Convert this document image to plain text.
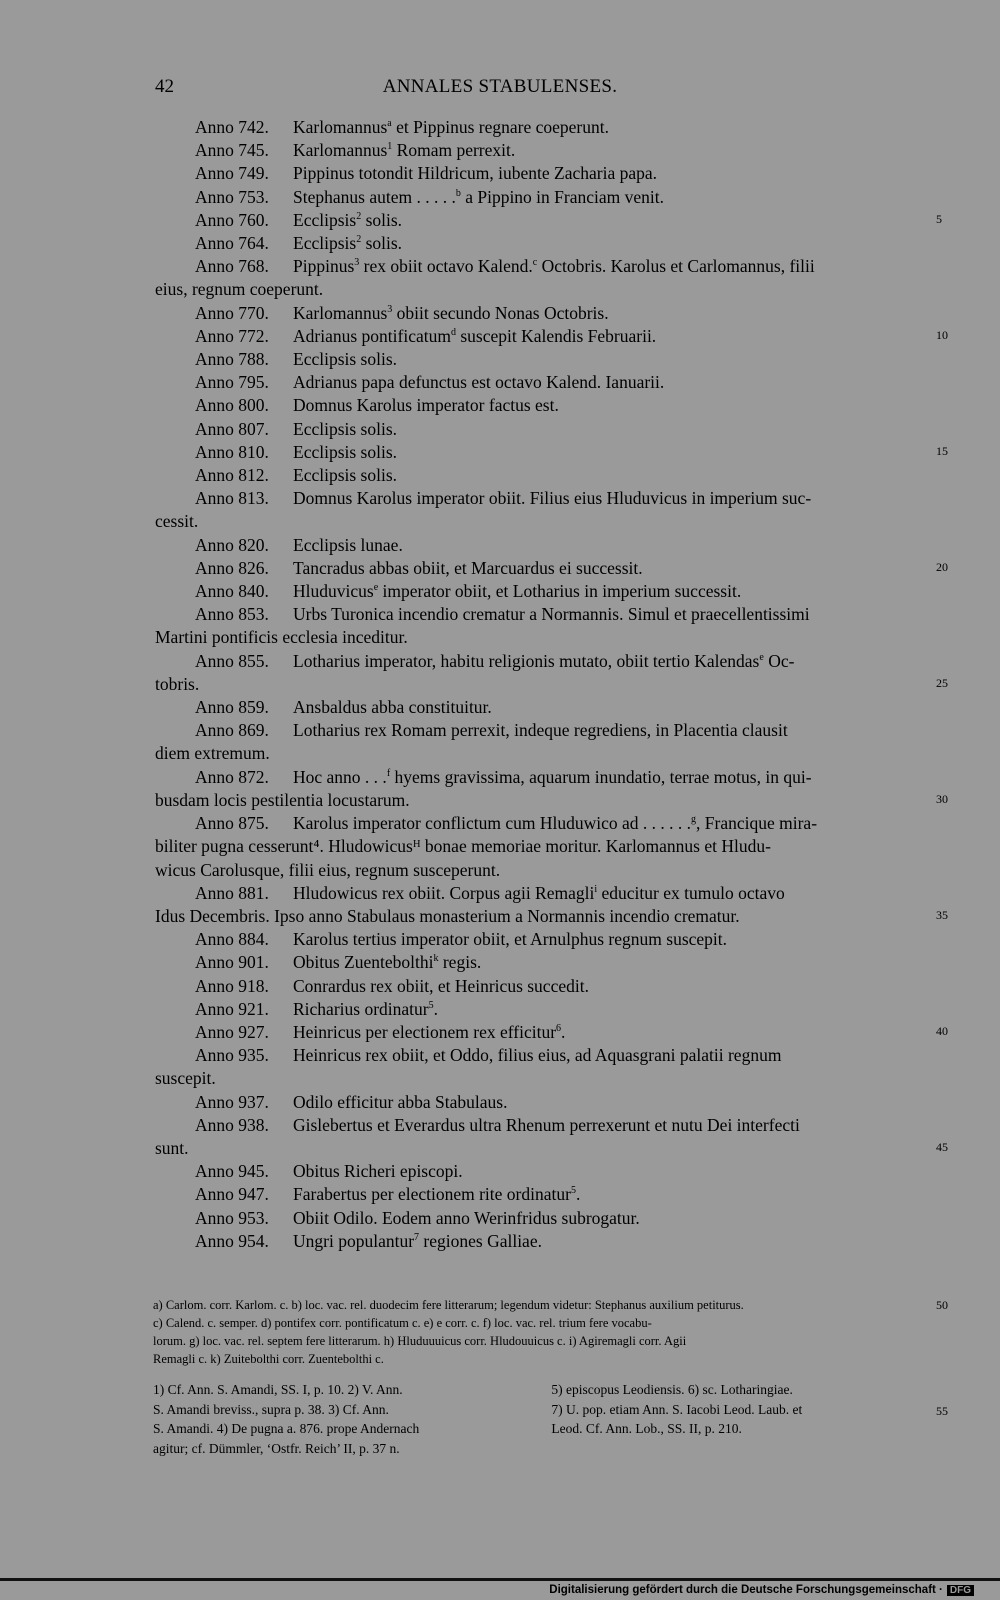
42	ANNALES STABULENSES.
Anno 742. Karlomannus$^a$ et Pippinus regnare coeperunt.
Anno 745. Karlomannus$^1$ Romam perrexit.
Anno 749. Pippinus totondit Hildricum, iubente Zacharia papa.
Anno 753. Stephanus autem . . . . .$^b$ a Pippino in Franciam venit.
Anno 760. Ecclipsis$^2$ solis.
Anno 764. Ecclipsis$^2$ solis.
Anno 768. Pippinus$^3$ rex obiit octavo Kalend.$^c$ Octobris. Karolus et Carlomannus, filii
eius, regnum coeperunt.
Anno 770. Karlomannus$^3$ obiit secundo Nonas Octobris.
Anno 772. Adrianus pontificatum$^d$ suscepit Kalendis Februarii.
Anno 788. Ecclipsis solis.
Anno 795. Adrianus papa defunctus est octavo Kalend. Ianuarii.
Anno 800. Domnus Karolus imperator factus est.
Anno 807. Ecclipsis solis.
Anno 810. Ecclipsis solis.
Anno 812. Ecclipsis solis.
Anno 813. Domnus Karolus imperator obiit. Filius eius Hluduvicus in imperium suc-
cessit.
Anno 820. Ecclipsis lunae.
Anno 826. Tancradus abbas obiit, et Marcuardus ei successit.
Anno 840. Hluduvicus$^e$ imperator obiit, et Lotharius in imperium successit.
Anno 853. Urbs Turonica incendio crematur a Normannis. Simul et praecellentissimi
Martini pontificis ecclesia inceditur.
Anno 855. Lotharius imperator, habitu religionis mutato, obiit tertio Kalendas$^e$ Oc-
tobris.
Anno 859. Ansbaldus abba constituitur.
Anno 869. Lotharius rex Romam perrexit, indeque regrediens, in Placentia clausit
diem extremum.
Anno 872. Hoc anno . . .$^f$ hyems gravissima, aquarum inundatio, terrae motus, in qui-
busdam locis pestilentia locustarum.
Anno 875. Karolus imperator conflictum cum Hluduwico ad . . . . . .$^g$, Francique mira-
biliter pugna cesserunt⁴. Hludowicusᴴ bonae memoriae moritur. Karlomannus et Hludu-
wicus Carolusque, filii eius, regnum susceperunt.
Anno 881. Hludowicus rex obiit. Corpus agii Remagli$^i$ educitur ex tumulo octavo
Idus Decembris. Ipso anno Stabulaus monasterium a Normannis incendio crematur.
Anno 884. Karolus tertius imperator obiit, et Arnulphus regnum suscepit.
Anno 901. Obitus Zuentebolthi$^k$ regis.
Anno 918. Conrardus rex obiit, et Heinricus succedit.
Anno 921. Richarius ordinatur$^5$.
Anno 927. Heinricus per electionem rex efficitur$^6$.
Anno 935. Heinricus rex obiit, et Oddo, filius eius, ad Aquasgrani palatii regnum
suscepit.
Anno 937. Odilo efficitur abba Stabulaus.
Anno 938. Gislebertus et Everardus ultra Rhenum perrexerunt et nutu Dei interfecti
sunt.
Anno 945. Obitus Richeri episcopi.
Anno 947. Farabertus per electionem rite ordinatur$^5$.
Anno 953. Obiit Odilo. Eodem anno Werinfridus subrogatur.
Anno 954. Ungri populantur$^7$ regiones Galliae.
5
10
15
20
25
30
35
40
45
50
55
a) Carlom. corr. Karlom. c. b) loc. vac. rel. duodecim fere litterarum; legendum videtur: Stephanus auxilium petiturus.
c) Calend. c. semper. d) pontifex corr. pontificatum c. e) e corr. c. f) loc. vac. rel. trium fere vocabu-
lorum. g) loc. vac. rel. septem fere litterarum. h) Hluduuuicus corr. Hludouuicus c. i) Agiremagli corr. Agii
Remagli c. k) Zuitebolthi corr. Zuentebolthi c.
1) Cf. Ann. S. Amandi, SS. I, p. 10. 2) V. Ann.
S. Amandi breviss., supra p. 38. 3) Cf. Ann.
S. Amandi. 4) De pugna a. 876. prope Andernach
agitur; cf. Dümmler, ‘Ostfr. Reich’ II, p. 37 n.

5) episcopus Leodiensis. 6) sc. Lotharingiae.
7) U. pop. etiam Ann. S. Iacobi Leod. Laub. et
Leod. Cf. Ann. Lob., SS. II, p. 210.
Digitalisierung gefördert durch die Deutsche Forschungsgemeinschaft · DFG
